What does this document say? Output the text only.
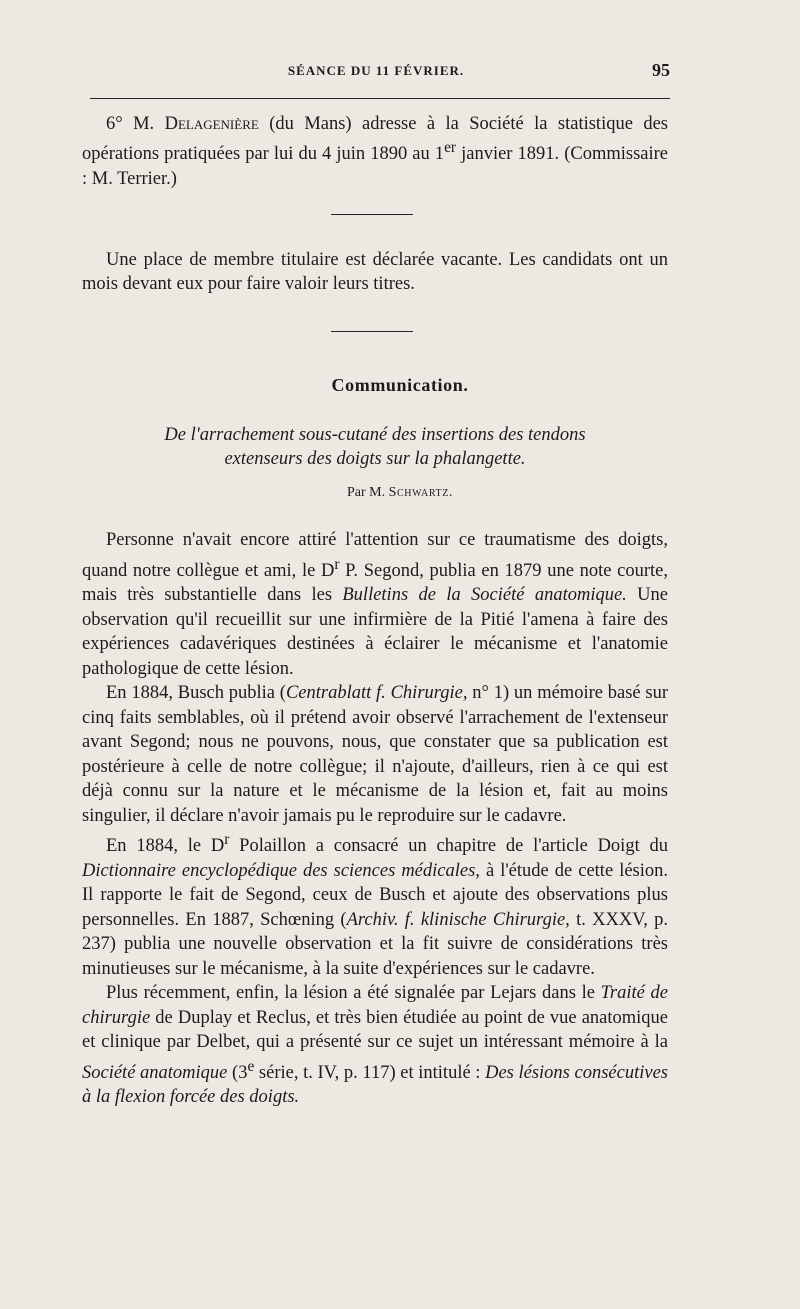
SÉANCE DU 11 FÉVRIER.	95

6° M. Delagenière (du Mans) adresse à la Société la statistique des opérations pratiquées par lui du 4 juin 1890 au 1er janvier 1891. (Commissaire : M. Terrier.)

Une place de membre titulaire est déclarée vacante. Les candidats ont un mois devant eux pour faire valoir leurs titres.

Communication.
De l'arrachement sous-cutané des insertions des tendons
extenseurs des doigts sur la phalangette.
Par M. Schwartz.

Personne n'avait encore attiré l'attention sur ce traumatisme des doigts, quand notre collègue et ami, le $D^r$ P. Segond, publia en 1879 une note courte, mais très substantielle dans les Bulletins de la Société anatomique. Une observation qu'il recueillit sur une infirmière de la Pitié l'amena à faire des expériences cadavériques destinées à éclairer le mécanisme et l'anatomie pathologique de cette lésion.

En 1884, Busch publia (Centrablatt f. Chirurgie, n° 1) un mémoire basé sur cinq faits semblables, où il prétend avoir observé l'arrachement de l'extenseur avant Segond; nous ne pouvons, nous, que constater que sa publication est postérieure à celle de notre collègue; il n'ajoute, d'ailleurs, rien à ce qui est déjà connu sur la nature et le mécanisme de la lésion et, fait au moins singulier, il déclare n'avoir jamais pu le reproduire sur le cadavre.

En 1884, le $D^r$ Polaillon a consacré un chapitre de l'article Doigt du Dictionnaire encyclopédique des sciences médicales, à l'étude de cette lésion. Il rapporte le fait de Segond, ceux de Busch et ajoute des observations plus personnelles. En 1887, Schœning (Archiv. f. klinische Chirurgie, t. XXXV, p. 237) publia une nouvelle observation et la fit suivre de considérations très minutieuses sur le mécanisme, à la suite d'expériences sur le cadavre.

Plus récemment, enfin, la lésion a été signalée par Lejars dans le Traité de chirurgie de Duplay et Reclus, et très bien étudiée au point de vue anatomique et clinique par Delbet, qui a présenté sur ce sujet un intéressant mémoire à la Société anatomique (3e série, t. IV, p. 117) et intitulé : Des lésions consécutives à la flexion forcée des doigts.
